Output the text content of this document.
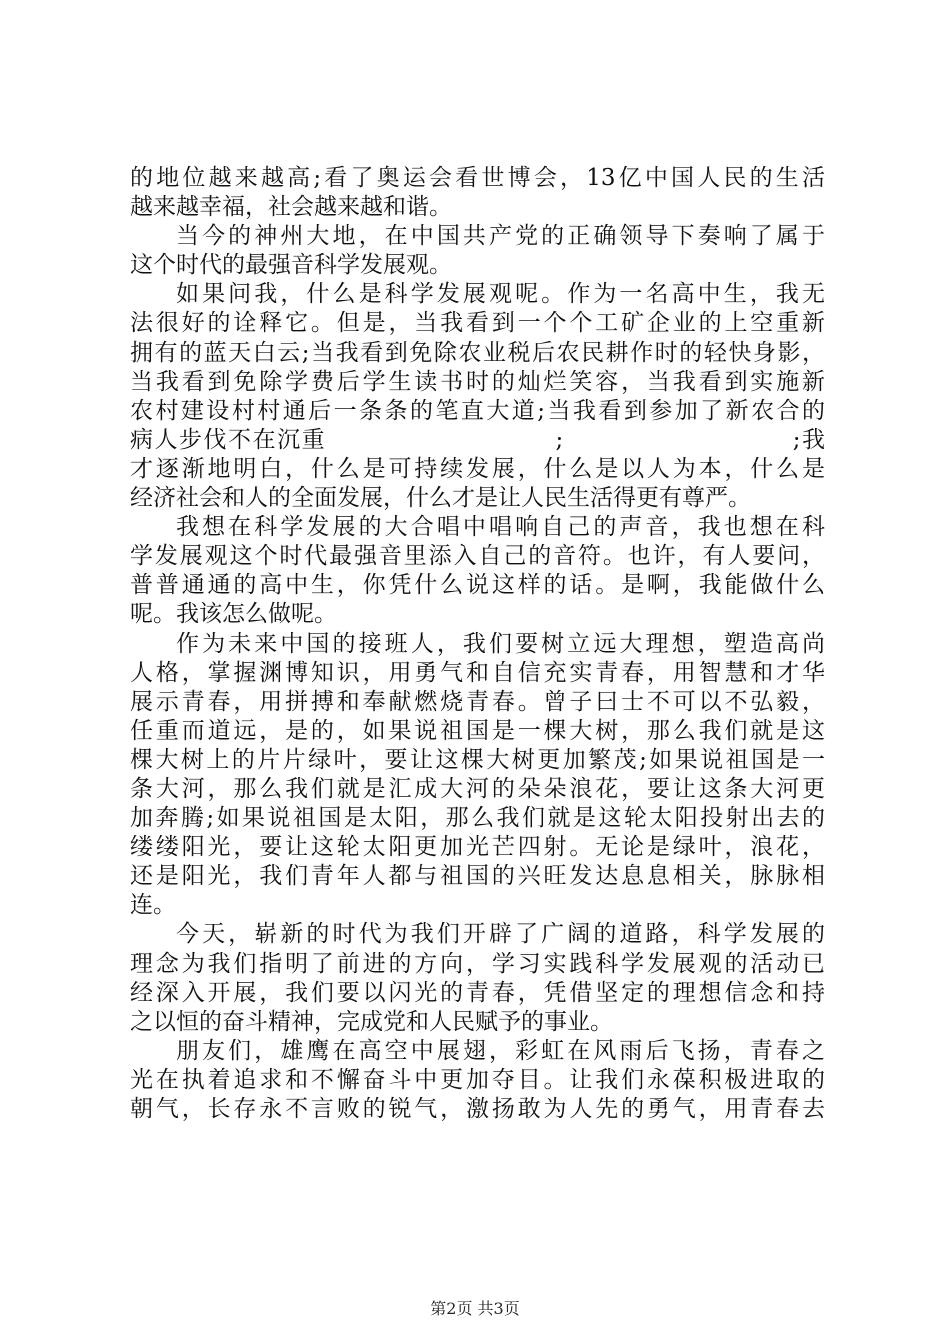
的地位越来越高;看了奥运会看世博会，13亿中国人民的生活
越来越幸福，社会越来越和谐。
当今的神州大地，在中国共产党的正确领导下奏响了属于
这个时代的最强音科学发展观。
如果问我，什么是科学发展观呢。作为一名高中生，我无
法很好的诠释它。但是，当我看到一个个工矿企业的上空重新
拥有的蓝天白云;当我看到免除农业税后农民耕作时的轻快身影，
当我看到免除学费后学生读书时的灿烂笑容，当我看到实施新
农村建设村村通后一条条的笔直大道;当我看到参加了新农合的
病人步伐不在沉重                          ;                          ;我
才逐渐地明白，什么是可持续发展，什么是以人为本，什么是
经济社会和人的全面发展，什么才是让人民生活得更有尊严。
我想在科学发展的大合唱中唱响自己的声音，我也想在科
学发展观这个时代最强音里添入自己的音符。也许，有人要问，
普普通通的高中生，你凭什么说这样的话。是啊，我能做什么
呢。我该怎么做呢。
作为未来中国的接班人，我们要树立远大理想，塑造高尚
人格，掌握渊博知识，用勇气和自信充实青春，用智慧和才华
展示青春，用拼搏和奉献燃烧青春。曾子曰士不可以不弘毅，
任重而道远，是的，如果说祖国是一棵大树，那么我们就是这
棵大树上的片片绿叶，要让这棵大树更加繁茂;如果说祖国是一
条大河，那么我们就是汇成大河的朵朵浪花，要让这条大河更
加奔腾;如果说祖国是太阳，那么我们就是这轮太阳投射出去的
缕缕阳光，要让这轮太阳更加光芒四射。无论是绿叶，浪花，
还是阳光，我们青年人都与祖国的兴旺发达息息相关，脉脉相
连。
今天，崭新的时代为我们开辟了广阔的道路，科学发展的
理念为我们指明了前进的方向，学习实践科学发展观的活动已
经深入开展，我们要以闪光的青春，凭借坚定的理想信念和持
之以恒的奋斗精神，完成党和人民赋予的事业。
朋友们，雄鹰在高空中展翅，彩虹在风雨后飞扬，青春之
光在执着追求和不懈奋斗中更加夺目。让我们永葆积极进取的
朝气，长存永不言败的锐气，激扬敢为人先的勇气，用青春去
第2页 共3页
